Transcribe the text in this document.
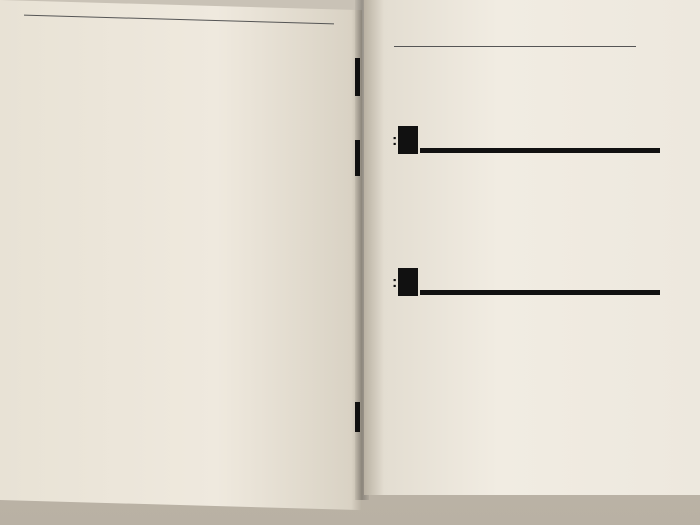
:
:
